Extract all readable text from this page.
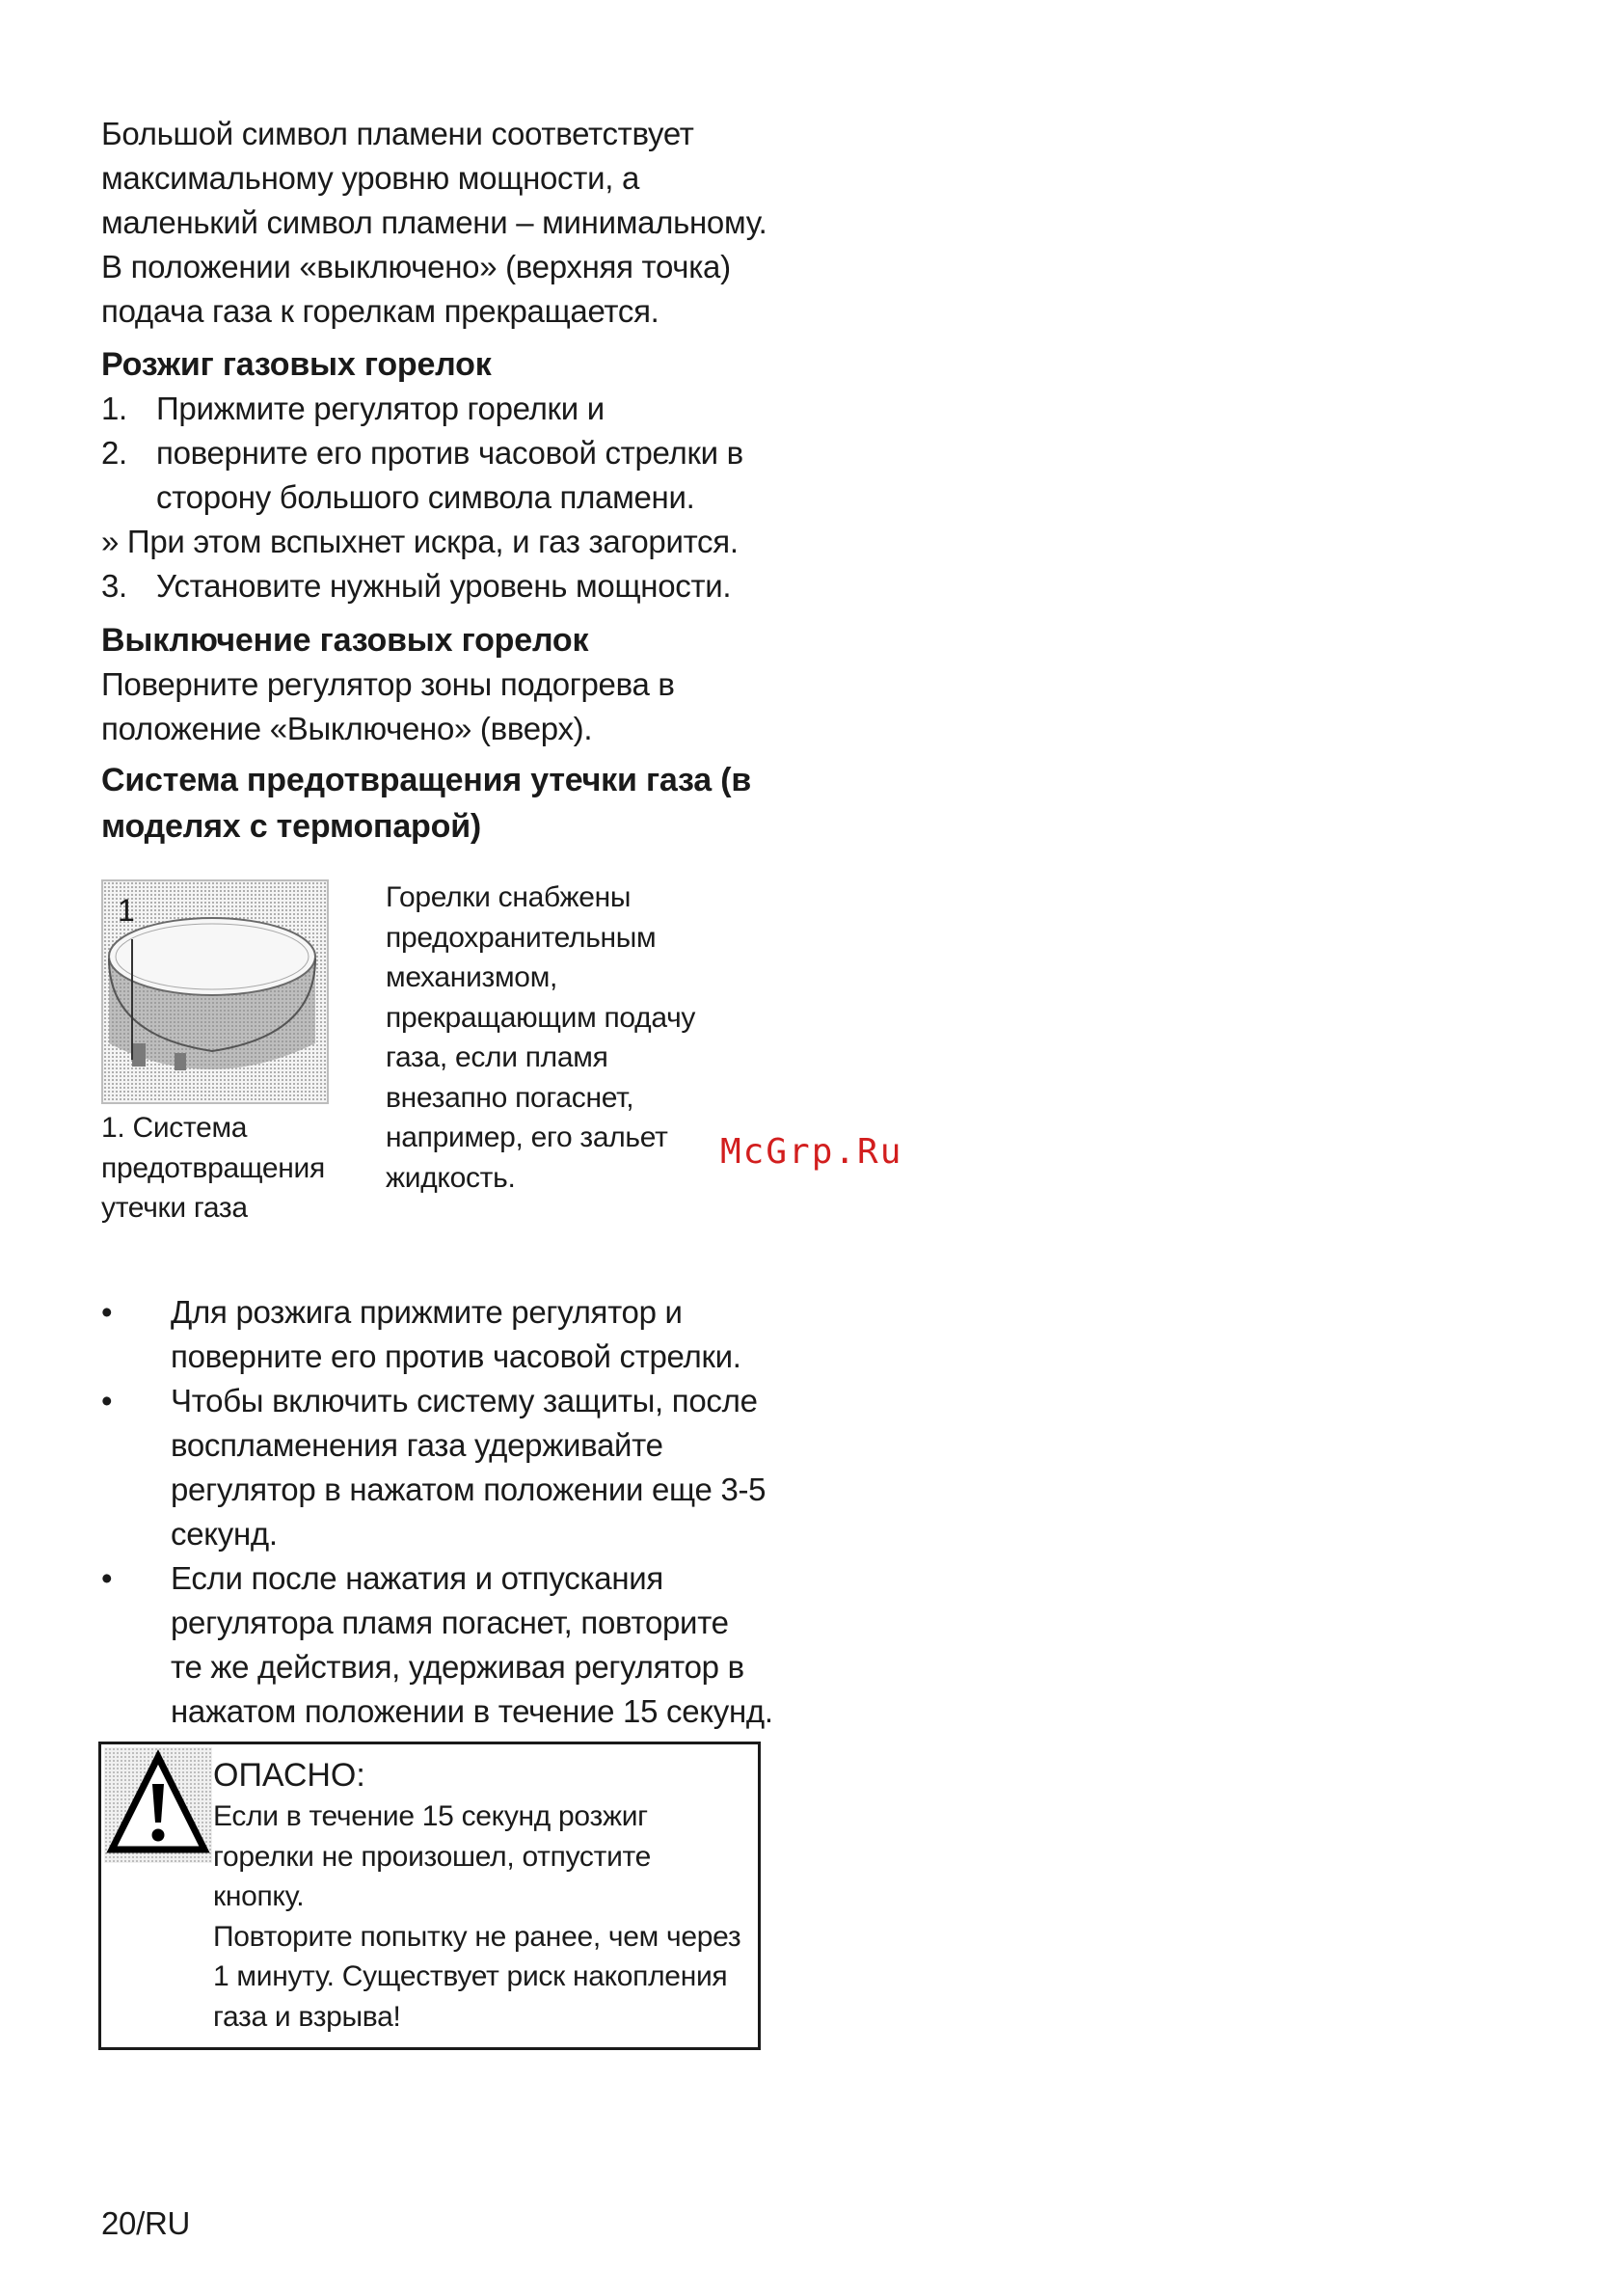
Большой символ пламени соответствует

максимальному уровню мощности, а

маленький символ пламени – минимальному.

В положении «выключено» (верхняя точка)

подача газа к горелкам прекращается.

Розжиг газовых горелок
1. Прижмите регулятор горелки и
2. поверните его против часовой стрелки в
сторону большого символа пламени.
» При этом вспыхнет искра, и газ загорится.
3. Установите нужный уровень мощности.
Выключение газовых горелок

Поверните регулятор зоны подогрева в

положение «Выключено» (вверх).

Система предотвращения утечки газа (в
моделях с термопарой)
1

1. Система

предотвращения

утечки газа

Горелки снабжены

предохранительным

механизмом,

прекращающим подачу

газа, если пламя

внезапно погаснет,

например, его зальет

жидкость.

McGrp.Ru
• Для розжига прижмите регулятор и
поверните его против часовой стрелки.
• Чтобы включить систему защиты, после
воспламенения газа удерживайте
регулятор в нажатом положении еще 3-5
секунд.
• Если после нажатия и отпускания
регулятора пламя погаснет, повторите
те же действия, удерживая регулятор в
нажатом положении в течение 15 секунд.

ОПАСНО:

Если в течение 15 секунд розжиг

горелки не произошел, отпустите

кнопку.

Повторите попытку не ранее, чем через

1 минуту. Существует риск накопления

газа и взрыва!

20/RU
